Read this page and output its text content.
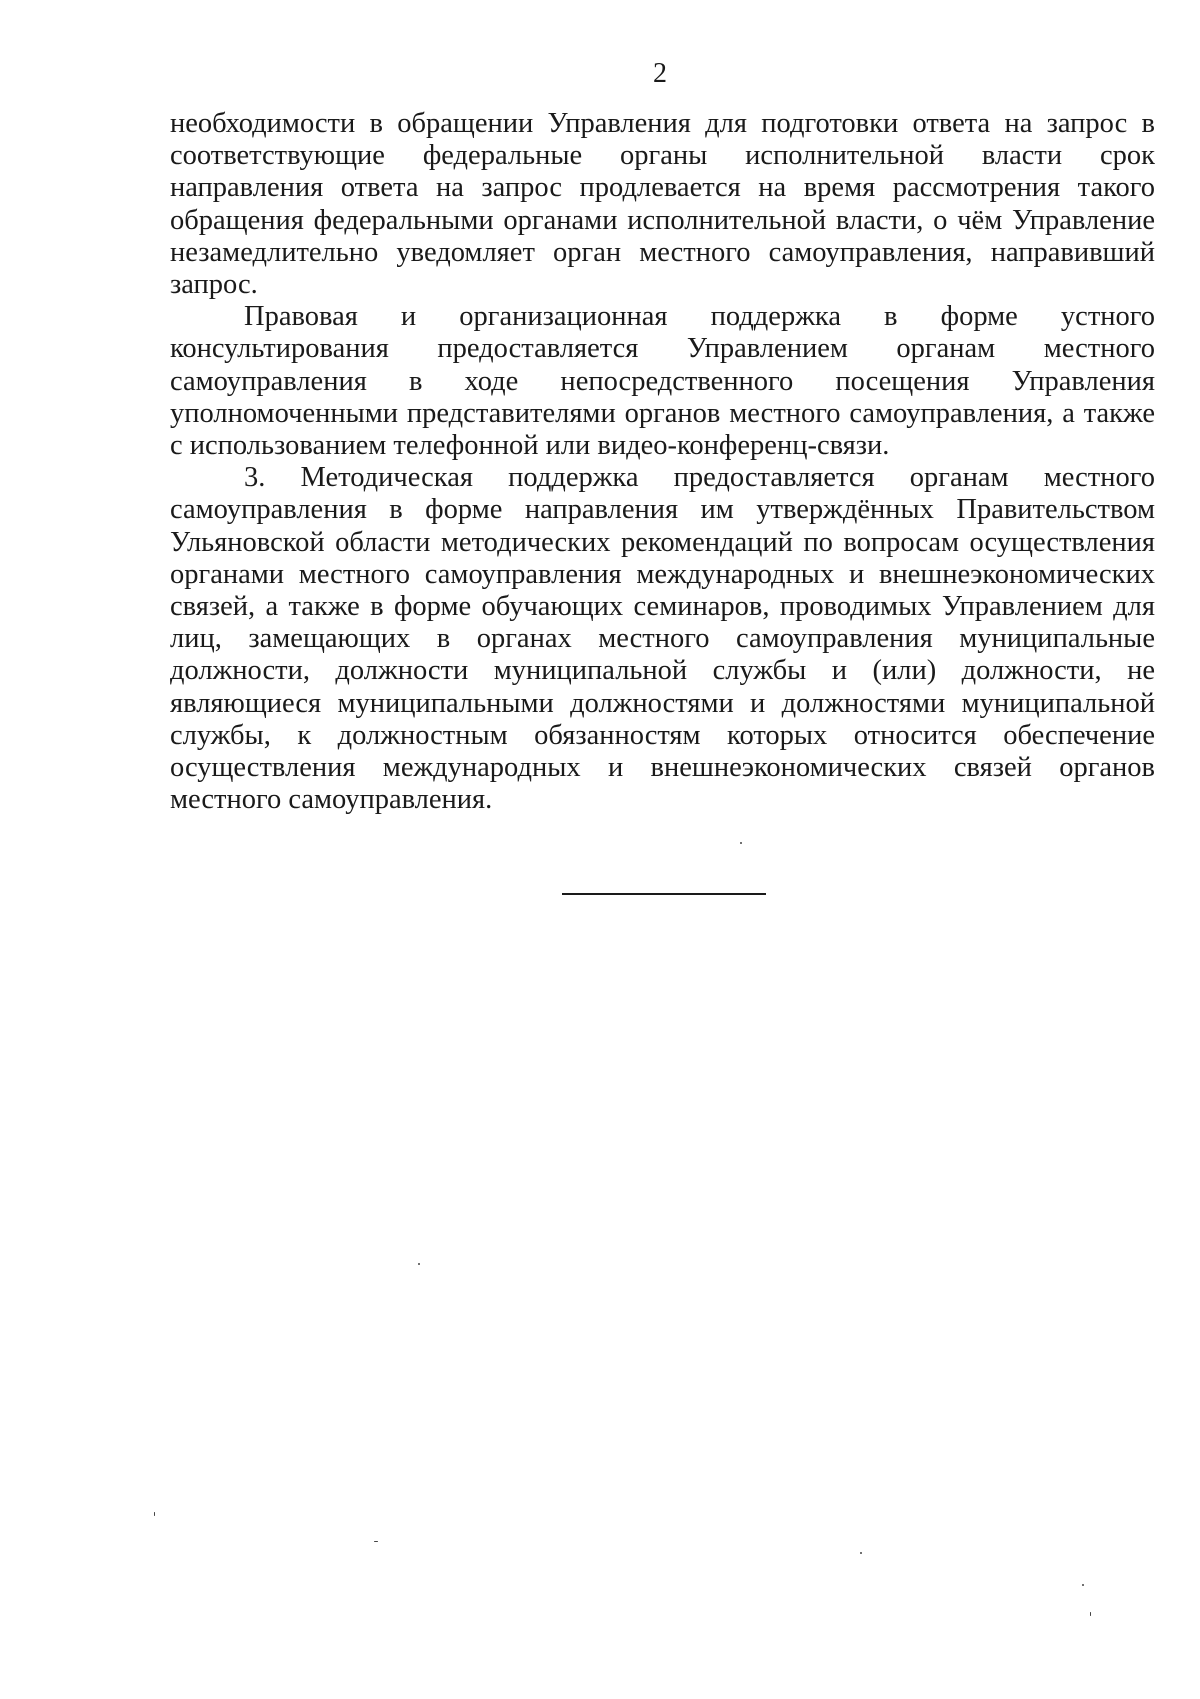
2

необходимости в обращении Управления для подготовки ответа на запрос в соответствующие федеральные органы исполнительной власти срок направления ответа на запрос продлевается на время рассмотрения такого обращения федеральными органами исполнительной власти, о чём Управление незамедлительно уведомляет орган местного самоуправления, направивший запрос.

Правовая и организационная поддержка в форме устного консультирования предоставляется Управлением органам местного самоуправления в ходе непосредственного посещения Управления уполномоченными представителями органов местного самоуправления, а также с использованием телефонной или видео-конференц-связи.

3. Методическая поддержка предоставляется органам местного самоуправления в форме направления им утверждённых Правительством Ульяновской области методических рекомендаций по вопросам осуществления органами местного самоуправления международных и внешнеэкономических связей, а также в форме обучающих семинаров, проводимых Управлением для лиц, замещающих в органах местного самоуправления муниципальные должности, должности муниципальной службы и (или) должности, не являющиеся муниципальными должностями и должностями муниципальной службы, к должностным обязанностям которых относится обеспечение осуществления международных и внешнеэкономических связей органов местного самоуправления.
